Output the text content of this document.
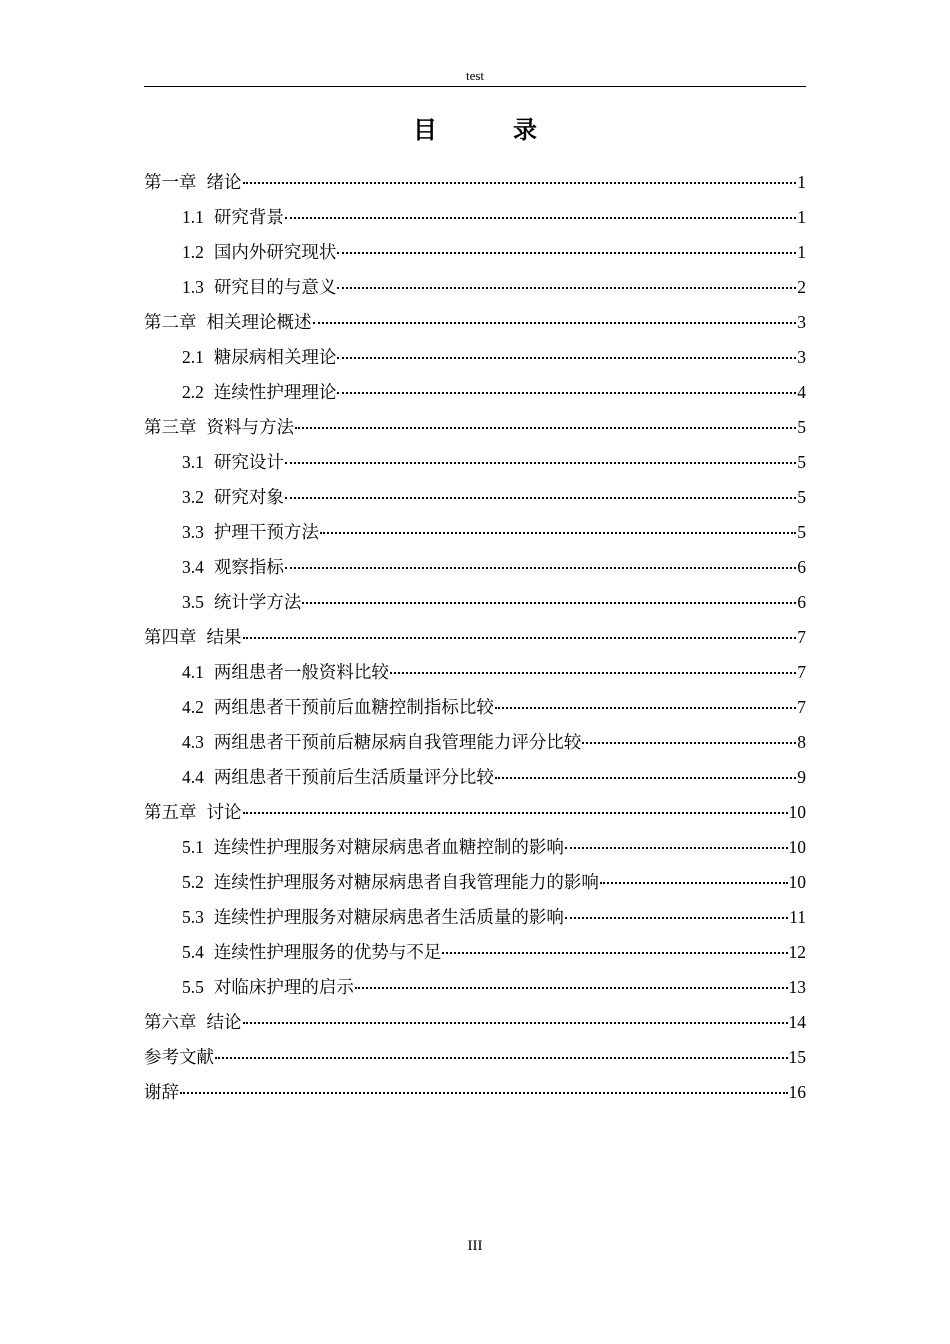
test
目　录
第一章 绪论	1
1.1 研究背景	1
1.2 国内外研究现状	1
1.3 研究目的与意义	2
第二章 相关理论概述	3
2.1 糖尿病相关理论	3
2.2 连续性护理理论	4
第三章 资料与方法	5
3.1 研究设计	5
3.2 研究对象	5
3.3 护理干预方法	5
3.4 观察指标	6
3.5 统计学方法	6
第四章 结果	7
4.1 两组患者一般资料比较	7
4.2 两组患者干预前后血糖控制指标比较	7
4.3 两组患者干预前后糖尿病自我管理能力评分比较	8
4.4 两组患者干预前后生活质量评分比较	9
第五章 讨论	10
5.1 连续性护理服务对糖尿病患者血糖控制的影响	10
5.2 连续性护理服务对糖尿病患者自我管理能力的影响	10
5.3 连续性护理服务对糖尿病患者生活质量的影响	11
5.4 连续性护理服务的优势与不足	12
5.5 对临床护理的启示	13
第六章 结论	14
参考文献	15
谢辞	16
III
